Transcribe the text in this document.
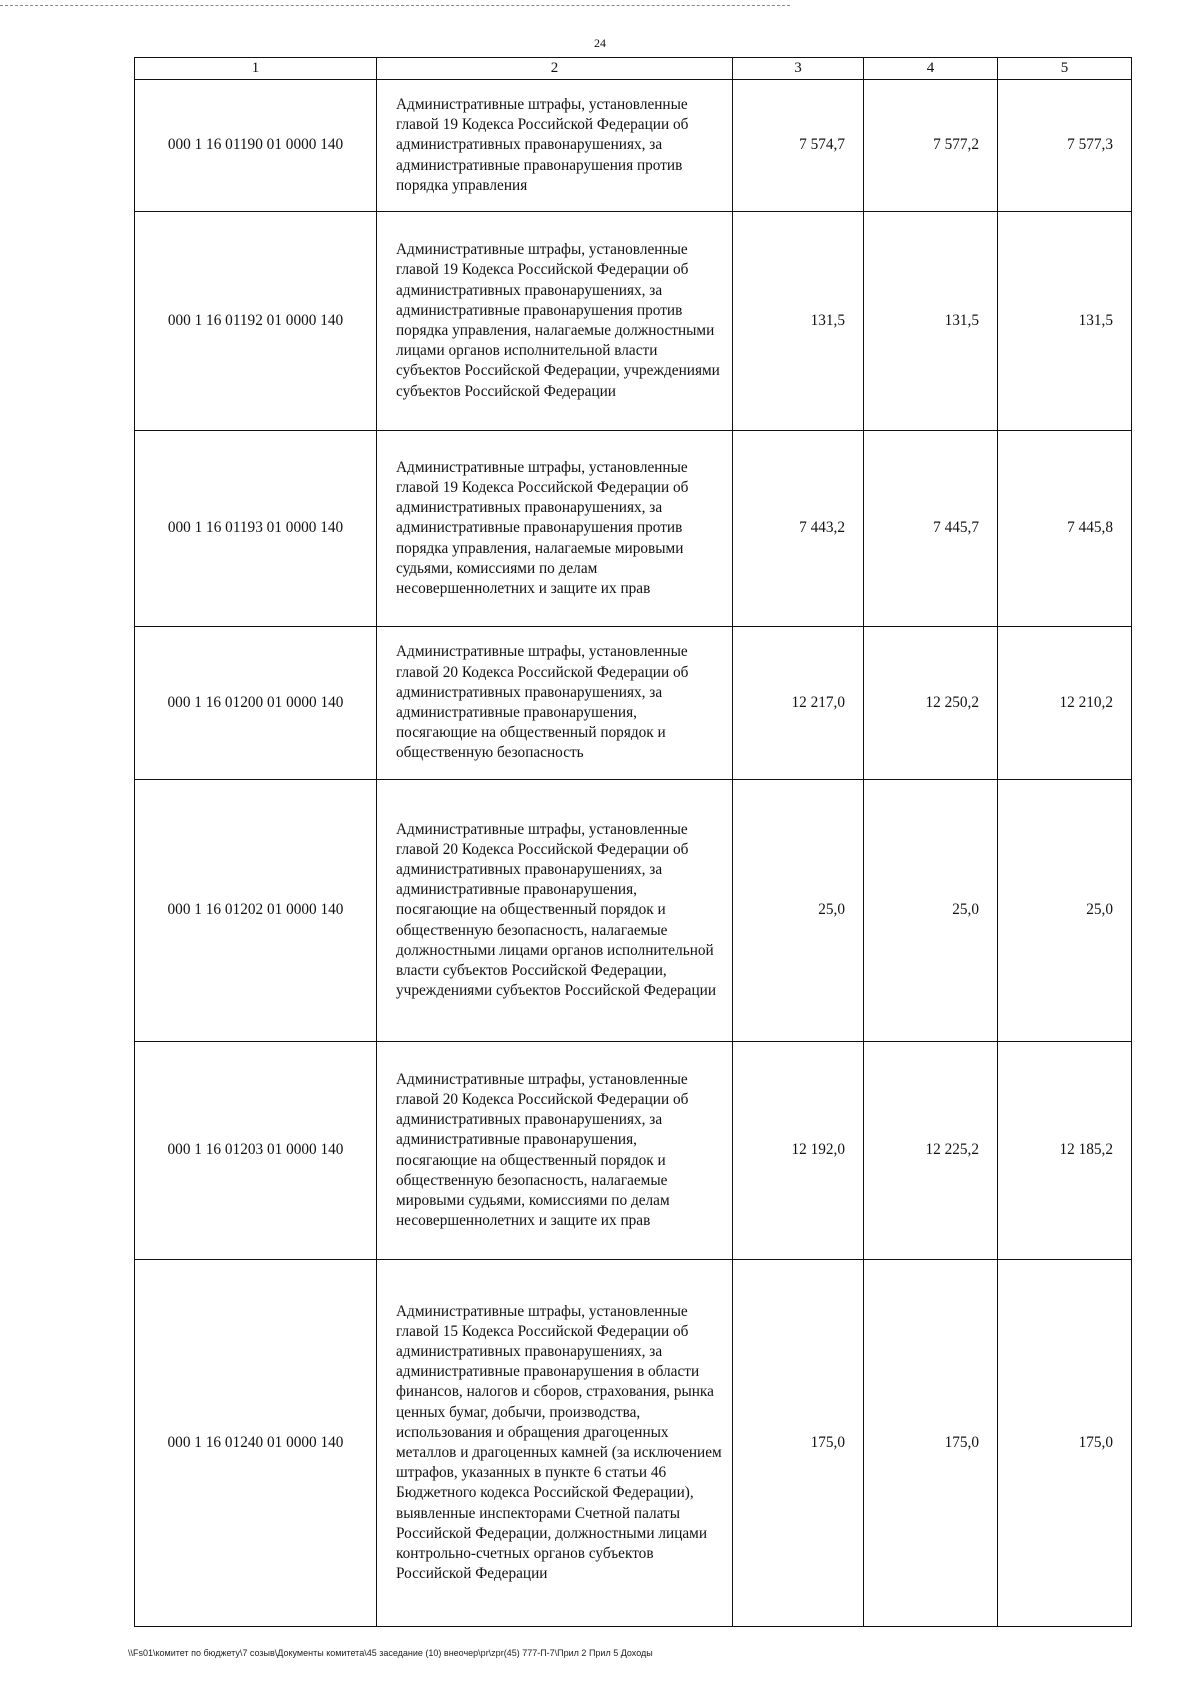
24
1	2	3	4	5
000 1 16 01190 01 0000 140	Административные штрафы, установленные главой 19 Кодекса Российской Федерации об административных правонарушениях, за административные правонарушения против порядка управления	7 574,7	7 577,2	7 577,3
000 1 16 01192 01 0000 140	Административные штрафы, установленные главой 19 Кодекса Российской Федерации об административных правонарушениях, за административные правонарушения против порядка управления, налагаемые должностными лицами органов исполнительной власти субъектов Российской Федерации, учреждениями субъектов Российской Федерации	131,5	131,5	131,5
000 1 16 01193 01 0000 140	Административные штрафы, установленные главой 19 Кодекса Российской Федерации об административных правонарушениях, за административные правонарушения против порядка управления, налагаемые мировыми судьями, комиссиями по делам несовершеннолетних и защите их прав	7 443,2	7 445,7	7 445,8
000 1 16 01200 01 0000 140	Административные штрафы, установленные главой 20 Кодекса Российской Федерации об административных правонарушениях, за административные правонарушения, посягающие на общественный порядок и общественную безопасность	12 217,0	12 250,2	12 210,2
000 1 16 01202 01 0000 140	Административные штрафы, установленные главой 20 Кодекса Российской Федерации об административных правонарушениях, за административные правонарушения, посягающие на общественный порядок и общественную безопасность, налагаемые должностными лицами органов исполнительной власти субъектов Российской Федерации, учреждениями субъектов Российской Федерации	25,0	25,0	25,0
000 1 16 01203 01 0000 140	Административные штрафы, установленные главой 20 Кодекса Российской Федерации об административных правонарушениях, за административные правонарушения, посягающие на общественный порядок и общественную безопасность, налагаемые мировыми судьями, комиссиями по делам несовершеннолетних и защите их прав	12 192,0	12 225,2	12 185,2
000 1 16 01240 01 0000 140	Административные штрафы, установленные главой 15 Кодекса Российской Федерации об административных правонарушениях, за административные правонарушения в области финансов, налогов и сборов, страхования, рынка ценных бумаг, добычи, производства, использования и обращения драгоценных металлов и драгоценных камней (за исключением штрафов, указанных в пункте 6 статьи 46 Бюджетного кодекса Российской Федерации), выявленные инспекторами Счетной палаты Российской Федерации, должностными лицами контрольно-счетных органов субъектов Российской Федерации	175,0	175,0	175,0
\\Fs01\комитет по бюджету\7 созыв\Документы комитета\45 заседание (10) внеочер\pr\zpr(45) 777-П-7\Прил 2 Прил 5 Доходы
